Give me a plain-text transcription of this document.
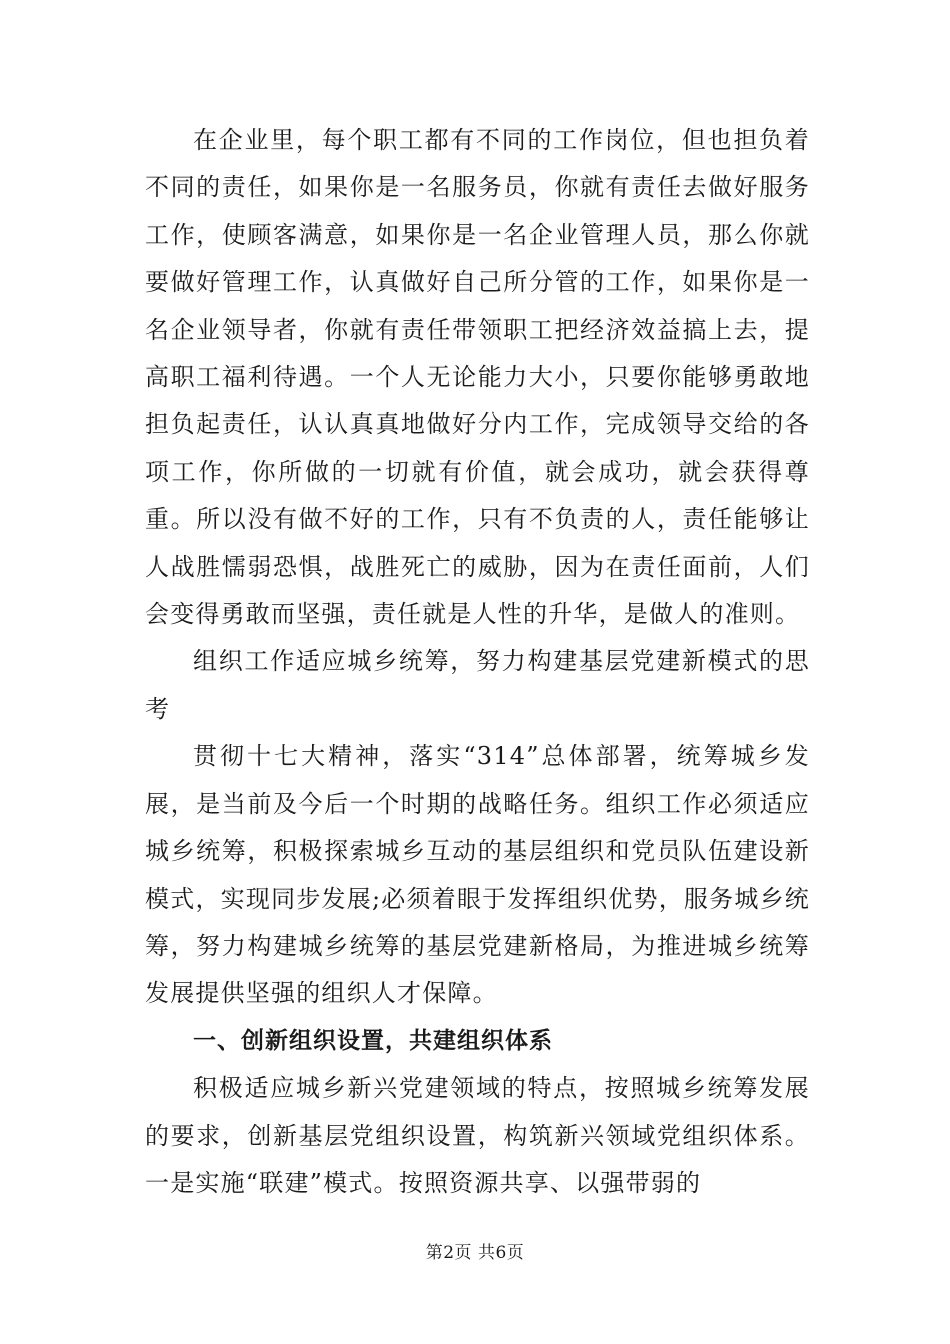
在企业里，每个职工都有不同的工作岗位，但也担负着不同的责任，如果你是一名服务员，你就有责任去做好服务工作，使顾客满意，如果你是一名企业管理人员，那么你就要做好管理工作，认真做好自己所分管的工作，如果你是一名企业领导者，你就有责任带领职工把经济效益搞上去，提高职工福利待遇。一个人无论能力大小，只要你能够勇敢地担负起责任，认认真真地做好分内工作，完成领导交给的各项工作，你所做的一切就有价值，就会成功，就会获得尊重。所以没有做不好的工作，只有不负责的人，责任能够让人战胜懦弱恐惧，战胜死亡的威胁，因为在责任面前，人们会变得勇敢而坚强，责任就是人性的升华，是做人的准则。

组织工作适应城乡统筹，努力构建基层党建新模式的思考

贯彻十七大精神，落实“314”总体部署，统筹城乡发展，是当前及今后一个时期的战略任务。组织工作必须适应城乡统筹，积极探索城乡互动的基层组织和党员队伍建设新模式，实现同步发展;必须着眼于发挥组织优势，服务城乡统筹，努力构建城乡统筹的基层党建新格局，为推进城乡统筹发展提供坚强的组织人才保障。

一、创新组织设置，共建组织体系

积极适应城乡新兴党建领域的特点，按照城乡统筹发展的要求，创新基层党组织设置，构筑新兴领域党组织体系。一是实施“联建”模式。按照资源共享、以强带弱的

第2页 共6页
